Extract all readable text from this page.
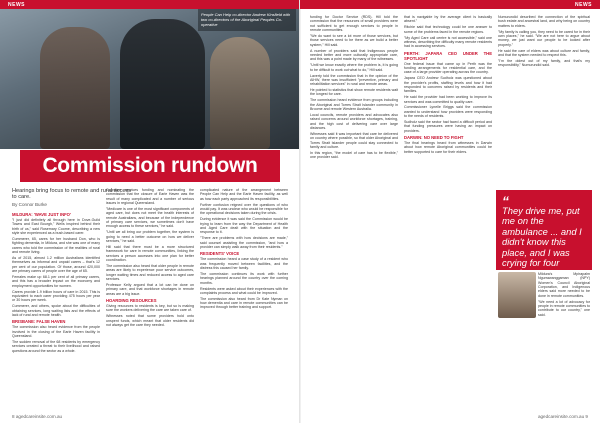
NEWS
People Can Help co-director Andrew Kinsfield with two co-directors of the Aboriginal Peoples Co-operative
Commission rundown
Hearings bring focus to remote and rural access to care.
By Connor Burke
MILDURA: 'WAVE JUST INFO'

"I just did definitely all through here in Dove-Guild Towns and East Bourgh," Wells inspired behind their birth of us," said Rosemary Coome, describing a new style she experienced as a bush-based carer.

Cummerer, 65, cares for her husband Don, who is fighting dementia, in Mildura, and she was one of many carers who told the commission of the realities of rural and remote living.

As of 2015, almost 1.2 million Australians identified themselves as informal and unpaid carers – that's 12 per cent of our population. Of those, around 420,000 are primary carers of people over the age of 65.

Females make up 68.1 per cent of all primary carers, and this has a broader impact on the economy and employment opportunities for women.

Carers provide 1.9 billion hours of care in 2015. This is equivalent to each carer providing 475 hours per year or 30 hours per week.

Cummerer, and others, spoke about the difficulties of obtaining services, long waiting lists and the effects of lack of rural and remote health.

BRISBANE: FALSE HAVEN

The commission also heard evidence from the people involved in the closing of the Earle Haven facility in Queensland.

The sudden removal of the 68 residents by emergency services created a threat to their livelihood and raised questions around the sector as a whole.

Cognitive services funding and nominating the commission that the closure of Earle Haven was the result of many complicated and a number of serious issues in regional Queensland.

"Medicare is one of the most significant components of aged care, but does not meet the health interests of remote Australians, and because of the independence of primary care services, we sometimes don't have enough access to these services," he said.

"Until we all bring our problem together, the system is going to need a better outcome on how we deliver services," he said.

Hill said that there must be a more structured framework for care in remote communities, linking the services a person accesses into one plan for better coordination.

The commission also heard that older people in remote areas are likely to experience poor service outcomes, longer waiting times and reduced access to aged care services.

Professor Kelly argued that a lot can be done on primary care, and that workforce shortages in remote areas are a big issue.

HOARDING RESOURCES

Giving resources to residents is key, but so is making sure the workers delivering the care are taken care of.

Witnesses noted that some providers hold onto unspent funds, which meant that older residents did not always get the care they needed.

complicated nature of the arrangement between People Can Help and the Earle Haven facility, as well as how each party approached its responsibilities.

Further confusion reigned over the questions of who would pay. It was unclear who would be responsible for the operational decisions taken during the crisis.

During evidence it was said the Commission would be trying to learn from the way the Department of Health and Aged Care dealt with the situation and the response to it.

"There are problems with how decisions are made," said counsel assisting the commission, "and how a provider can simply walk away from their residents."

RESIDENTS' VOICE

The commission heard a case study of a resident who was frequently moved between facilities, and the distress this caused her family.

The commission continues its work with further hearings planned around the country over the coming months.

Residents were asked about their experiences with the complaints process and what could be improved.

The commission also heard from Dr Kate Nyman on how dementia and care in remote communities can be improved through better training and support.

8 agedcareinsite.com.au
NEWS

funding for Doctor Service (RDS). Hill told the commission that the resources of small providers were not sufficient to get enough services to people in remote communities.

"We do want to see a lot more of those services, but those services need to be there as we build a better system," Hill said.

A number of providers said that Indigenous people needed better and more culturally appropriate care, and this was a point made by many of the witnesses.

"Until we know exactly where the problem is, it is going to be difficult to work out what to do," Hill said.

Laverty told the commission that in the opinion of the AIHW, there was insufficient "preventive, primary and rehabilitation services" in rural and remote areas.

He pointed to statistics that show remote residents wait the longest for care.

The commission heard evidence from groups including the Aboriginal and Torres Strait Islander community in Broome and remote Western Australia.

Local councils, remote providers and advocates also raised concerns around workforce shortages, training, and the high cost of delivering care over large distances.

Witnesses said it was important that care be delivered on country where possible, so that older Aboriginal and Torres Strait Islander people could stay connected to family and culture.

In this region, "the model of care has to be flexible," one provider said.

that is navigable by the average client is basically absent."

Ritchie said that technology could be one answer to some of the problems faced in the remote regions.

"My Aged Care call centre is not accessible," said one witness, describing the difficulty many remote residents had in accessing services.

PERTH: JAPARA CEO UNDER THE SPOTLIGHT

One federal issue that came up in Perth was the funding arrangements for residential care, and the case of a large provider operating across the country.

Japara CEO Andrew Sudholz was questioned about the provider's profits, staffing levels and how it had responded to concerns raised by residents and their families.

He said the provider had been working to improve its services and was committed to quality care.

Commissioner Lynelle Briggs said the commission wanted to understand how providers were responding to the needs of residents.

Sudholz said the sector had faced a difficult period and that funding pressures were having an impact on providers.

DARWIN: NO NEED TO FIGHT

The final hearings heard from witnesses in Darwin about how remote Aboriginal communities could be better supported to care for their elders.

Numurundid described the connection of the spiritual bush estate and ancestral land, and why being on country matters to elders.

"My family is calling you, they need to be cared for in their own places," he said. "We are not here to argue about money, we just want our people to be looked after properly."

He said the care of elders was about culture and family, and that the system needed to respect this.

"I'm the oldest out of my family, and that's my responsibility," Numurundid said.

“
They drive me, put me on the ambulance ... and I didn't know this place, and I was crying for four

Mildura's Mpirapalm Ngurrawanggaman (NPY) Women's Council Aboriginal Corporation, and Indigenous elders said more needed to be done in remote communities.

"We need a lot of advocacy for people in remote communities to contribute to our country," one said.

agedcareinsite.com.au 9
